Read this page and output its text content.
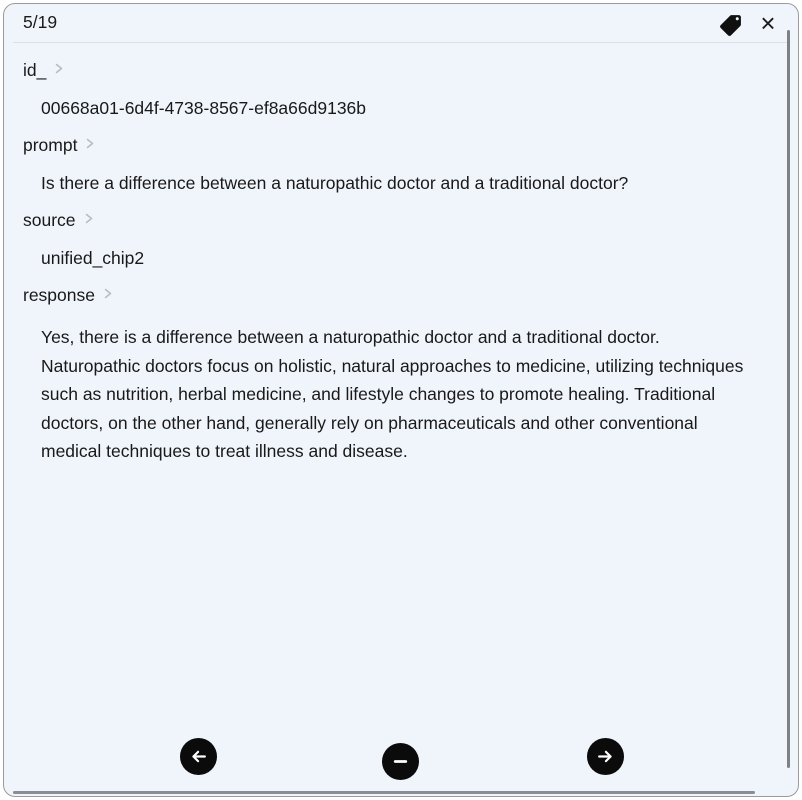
5/19
id_
00668a01-6d4f-4738-8567-ef8a66d9136b
prompt
Is there a difference between a naturopathic doctor and a traditional doctor?
source
unified_chip2
response
Yes, there is a difference between a naturopathic doctor and a traditional doctor. Naturopathic doctors focus on holistic, natural approaches to medicine, utilizing techniques such as nutrition, herbal medicine, and lifestyle changes to promote healing. Traditional doctors, on the other hand, generally rely on pharmaceuticals and other conventional medical techniques to treat illness and disease.
×
